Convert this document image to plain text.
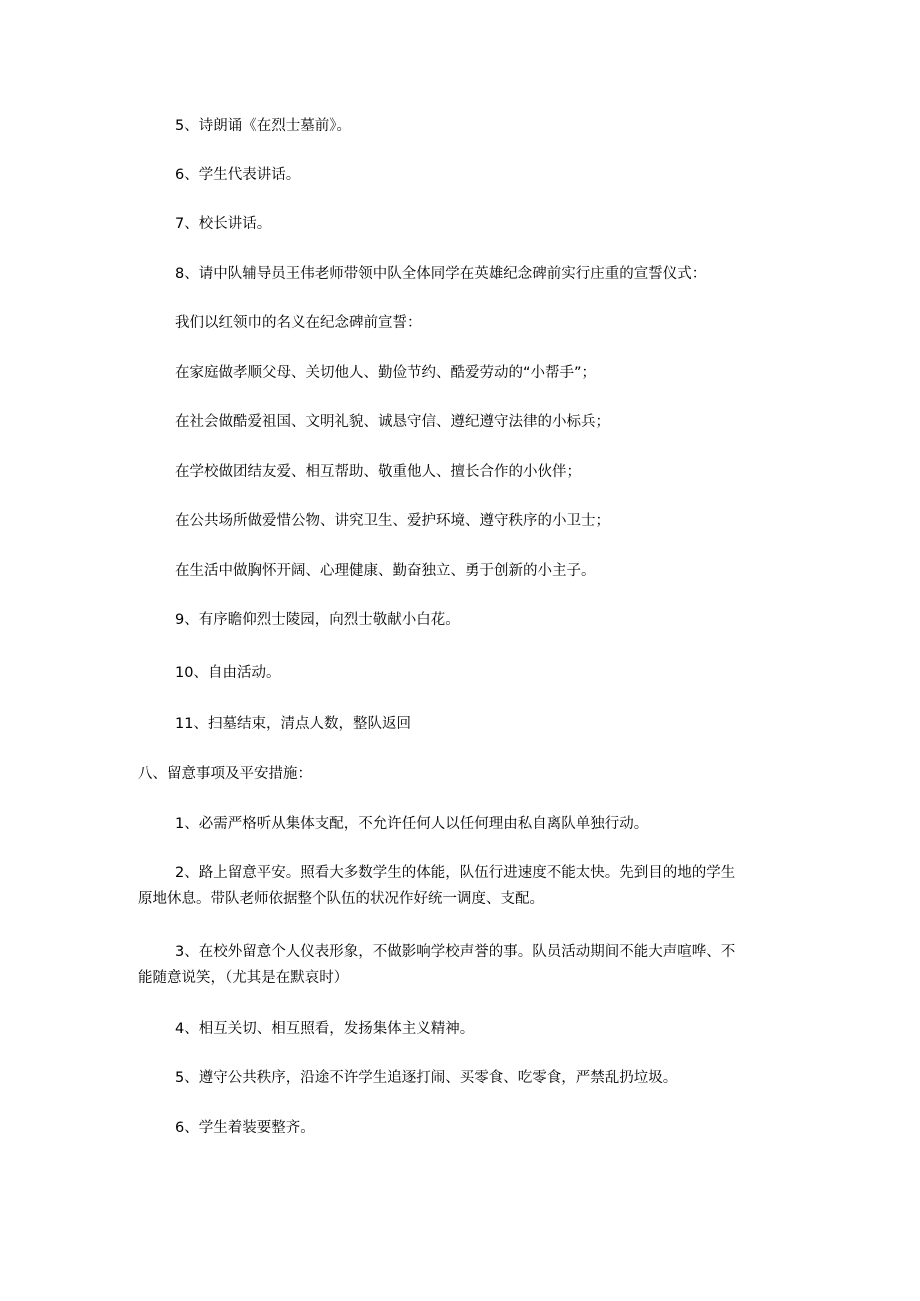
5、诗朗诵《在烈士墓前》。

6、学生代表讲话。

7、校长讲话。

8、请中队辅导员王伟老师带领中队全体同学在英雄纪念碑前实行庄重的宣誓仪式：

我们以红领巾的名义在纪念碑前宣誓：

在家庭做孝顺父母、关切他人、勤俭节约、酷爱劳动的“小帮手”；

在社会做酷爱祖国、文明礼貌、诚恳守信、遵纪遵守法律的小标兵；

在学校做团结友爱、相互帮助、敬重他人、擅长合作的小伙伴；

在公共场所做爱惜公物、讲究卫生、爱护环境、遵守秩序的小卫士；

在生活中做胸怀开阔、心理健康、勤奋独立、勇于创新的小主子。

9、有序瞻仰烈士陵园，向烈士敬献小白花。

10、自由活动。

11、扫墓结束，清点人数，整队返回

八、留意事项及平安措施：

1、必需严格听从集体支配，不允许任何人以任何理由私自离队单独行动。

2、路上留意平安。照看大多数学生的体能，队伍行进速度不能太快。先到目的地的学生

原地休息。带队老师依据整个队伍的状况作好统一调度、支配。

3、在校外留意个人仪表形象，不做影响学校声誉的事。队员活动期间不能大声喧哗、不

能随意说笑，（尤其是在默哀时）

4、相互关切、相互照看，发扬集体主义精神。

5、遵守公共秩序，沿途不许学生追逐打闹、买零食、吃零食，严禁乱扔垃圾。

6、学生着装要整齐。
